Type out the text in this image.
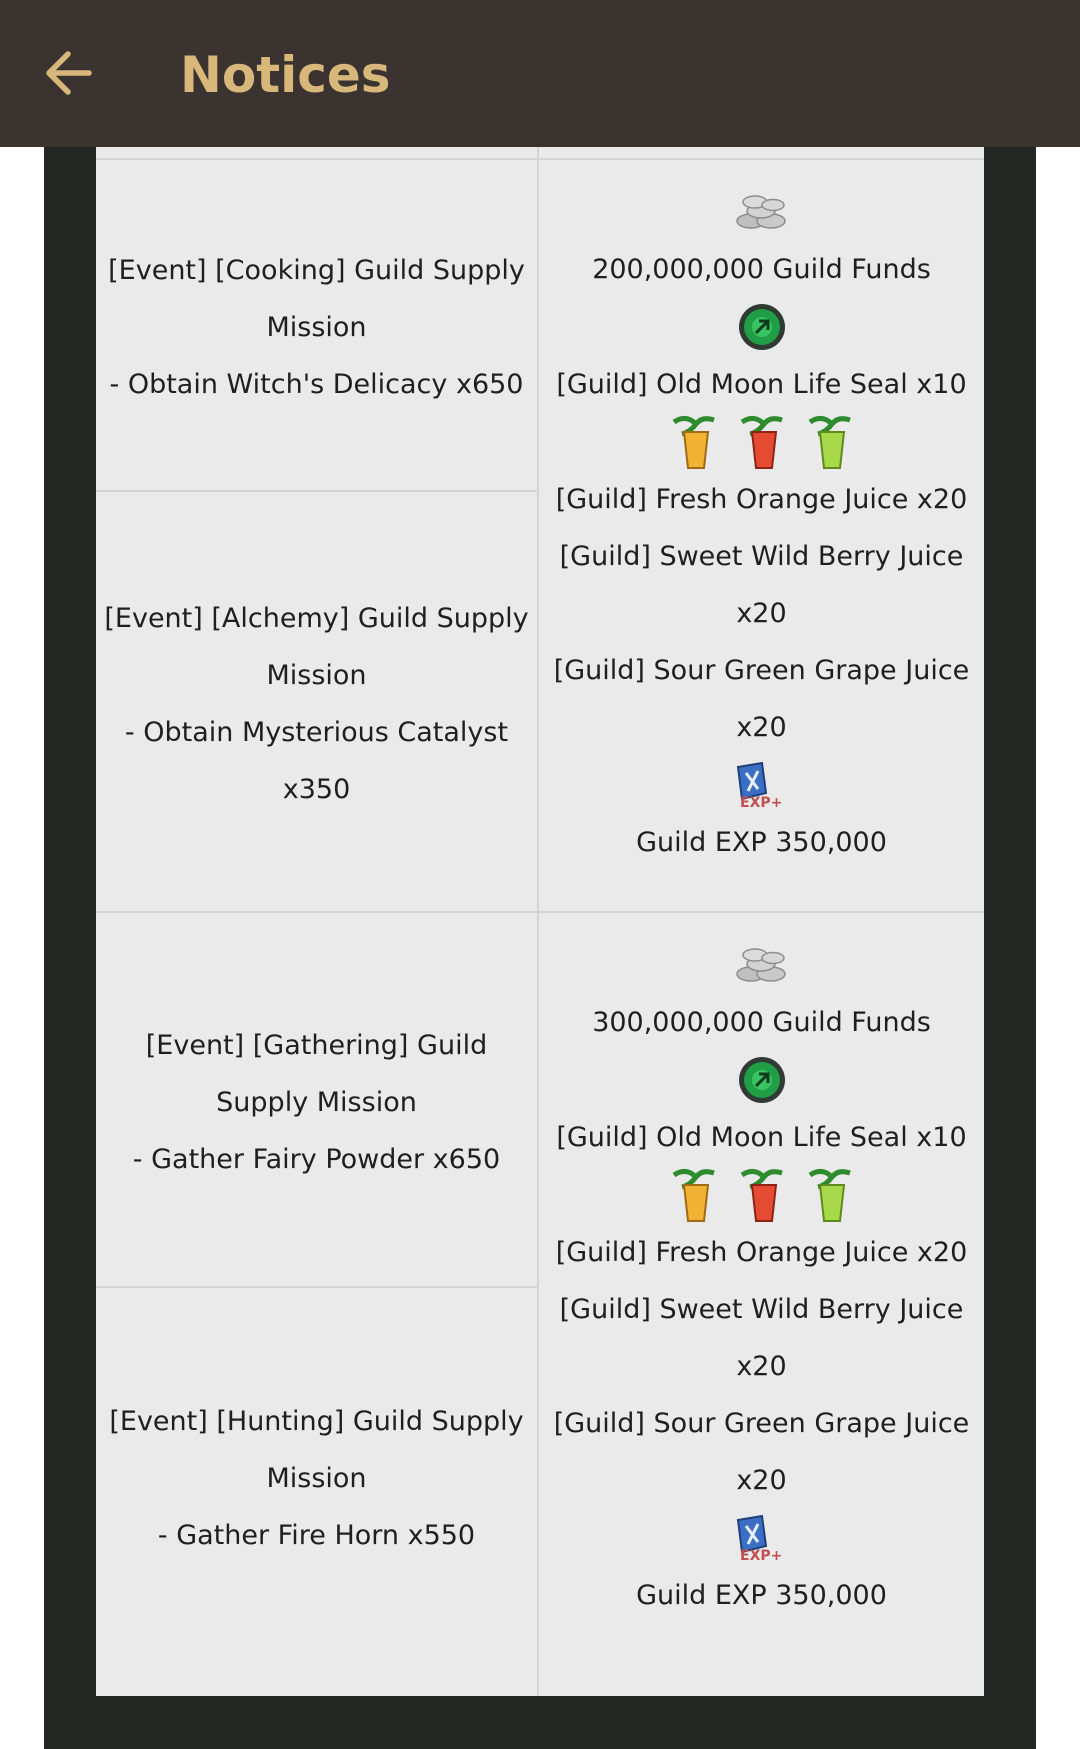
Notices
[Event] [Cooking] Guild Supply
Mission
- Obtain Witch's Delicacy x650
[Event] [Alchemy] Guild Supply
Mission
- Obtain Mysterious Catalyst
x350
200,000,000 Guild Funds
[Guild] Old Moon Life Seal x10
[Guild] Fresh Orange Juice x20
[Guild] Sweet Wild Berry Juice
x20
[Guild] Sour Green Grape Juice
x20
EXP+
Guild EXP 350,000
[Event] [Gathering] Guild
Supply Mission
- Gather Fairy Powder x650
[Event] [Hunting] Guild Supply
Mission
- Gather Fire Horn x550
300,000,000 Guild Funds
[Guild] Old Moon Life Seal x10
[Guild] Fresh Orange Juice x20
[Guild] Sweet Wild Berry Juice
x20
[Guild] Sour Green Grape Juice
x20
EXP+
Guild EXP 350,000
